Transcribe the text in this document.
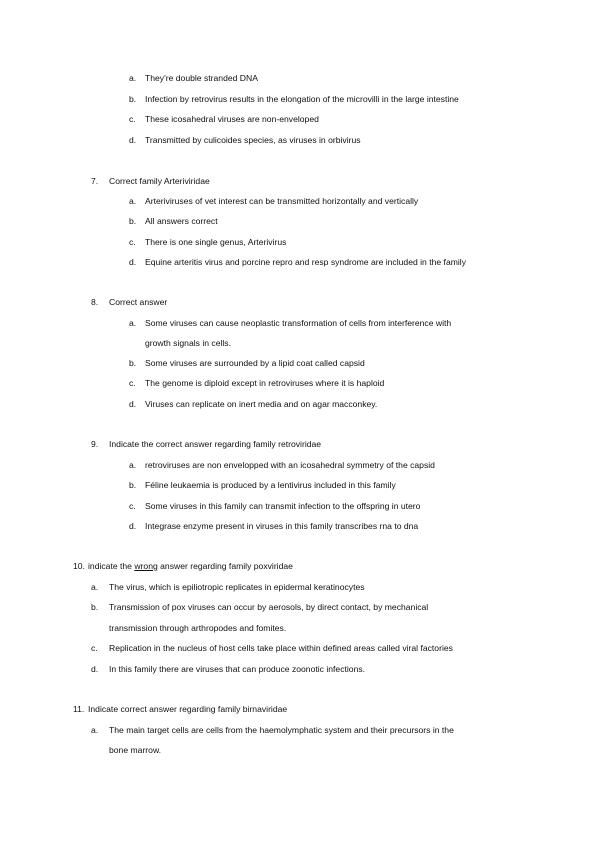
a. They're double stranded DNA
b. Infection by retrovirus results in the elongation of the microvilli in the large intestine
c. These icosahedral viruses are non-enveloped
d. Transmitted by culicoides species, as viruses in orbivirus
7. Correct family Arteriviridae
a. Arteriviruses of vet interest can be transmitted horizontally and vertically
b. All answers correct
c. There is one single genus, Arterivirus
d. Equine arteritis virus and porcine repro and resp syndrome are included in the family
8. Correct answer
a. Some viruses can cause neoplastic transformation of cells from interference with
growth signals in cells.
b. Some viruses are surrounded by a lipid coat called capsid
c. The genome is diploid except in retroviruses where it is haploid
d. Viruses can replicate on inert media and on agar macconkey.
9. Indicate the correct answer regarding family retroviridae
a. retroviruses are non envelopped with an icosahedral symmetry of the capsid
b. Féline leukaemia is produced by a lentivirus included in this family
c. Some viruses in this family can transmit infection to the offspring in utero
d. Integrase enzyme present in viruses in this family transcribes rna to dna
10. indicate the wrong answer regarding family poxviridae
a. The virus, which is epiliotropic replicates in epidermal keratinocytes
b. Transmission of pox viruses can occur by aerosols, by direct contact, by mechanical
transmission through arthropodes and fomites.
c. Replication in the nucleus of host cells take place within defined areas called viral factories
d. In this family there are viruses that can produce zoonotic infections.
11. Indicate correct answer regarding family birnaviridae
a. The main target cells are cells from the haemolymphatic system and their precursors in the
bone marrow.
